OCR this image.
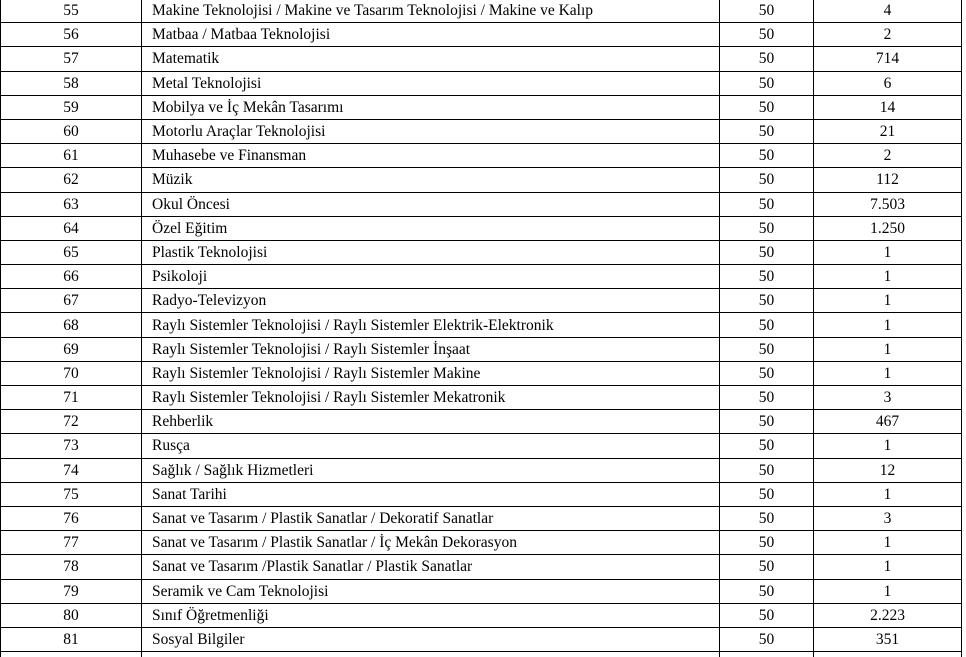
55	Makine Teknolojisi / Makine ve Tasarım Teknolojisi / Makine ve Kalıp	50	4
56	Matbaa / Matbaa Teknolojisi	50	2
57	Matematik	50	714
58	Metal Teknolojisi	50	6
59	Mobilya ve İç Mekân Tasarımı	50	14
60	Motorlu Araçlar Teknolojisi	50	21
61	Muhasebe ve Finansman	50	2
62	Müzik	50	112
63	Okul Öncesi	50	7.503
64	Özel Eğitim	50	1.250
65	Plastik Teknolojisi	50	1
66	Psikoloji	50	1
67	Radyo-Televizyon	50	1
68	Raylı Sistemler Teknolojisi / Raylı Sistemler Elektrik-Elektronik	50	1
69	Raylı Sistemler Teknolojisi / Raylı Sistemler İnşaat	50	1
70	Raylı Sistemler Teknolojisi / Raylı Sistemler Makine	50	1
71	Raylı Sistemler Teknolojisi / Raylı Sistemler Mekatronik	50	3
72	Rehberlik	50	467
73	Rusça	50	1
74	Sağlık / Sağlık Hizmetleri	50	12
75	Sanat Tarihi	50	1
76	Sanat ve Tasarım / Plastik Sanatlar / Dekoratif Sanatlar	50	3
77	Sanat ve Tasarım / Plastik Sanatlar / İç Mekân Dekorasyon	50	1
78	Sanat ve Tasarım /Plastik Sanatlar / Plastik Sanatlar	50	1
79	Seramik ve Cam Teknolojisi	50	1
80	Sınıf Öğretmenliği	50	2.223
81	Sosyal Bilgiler	50	351
